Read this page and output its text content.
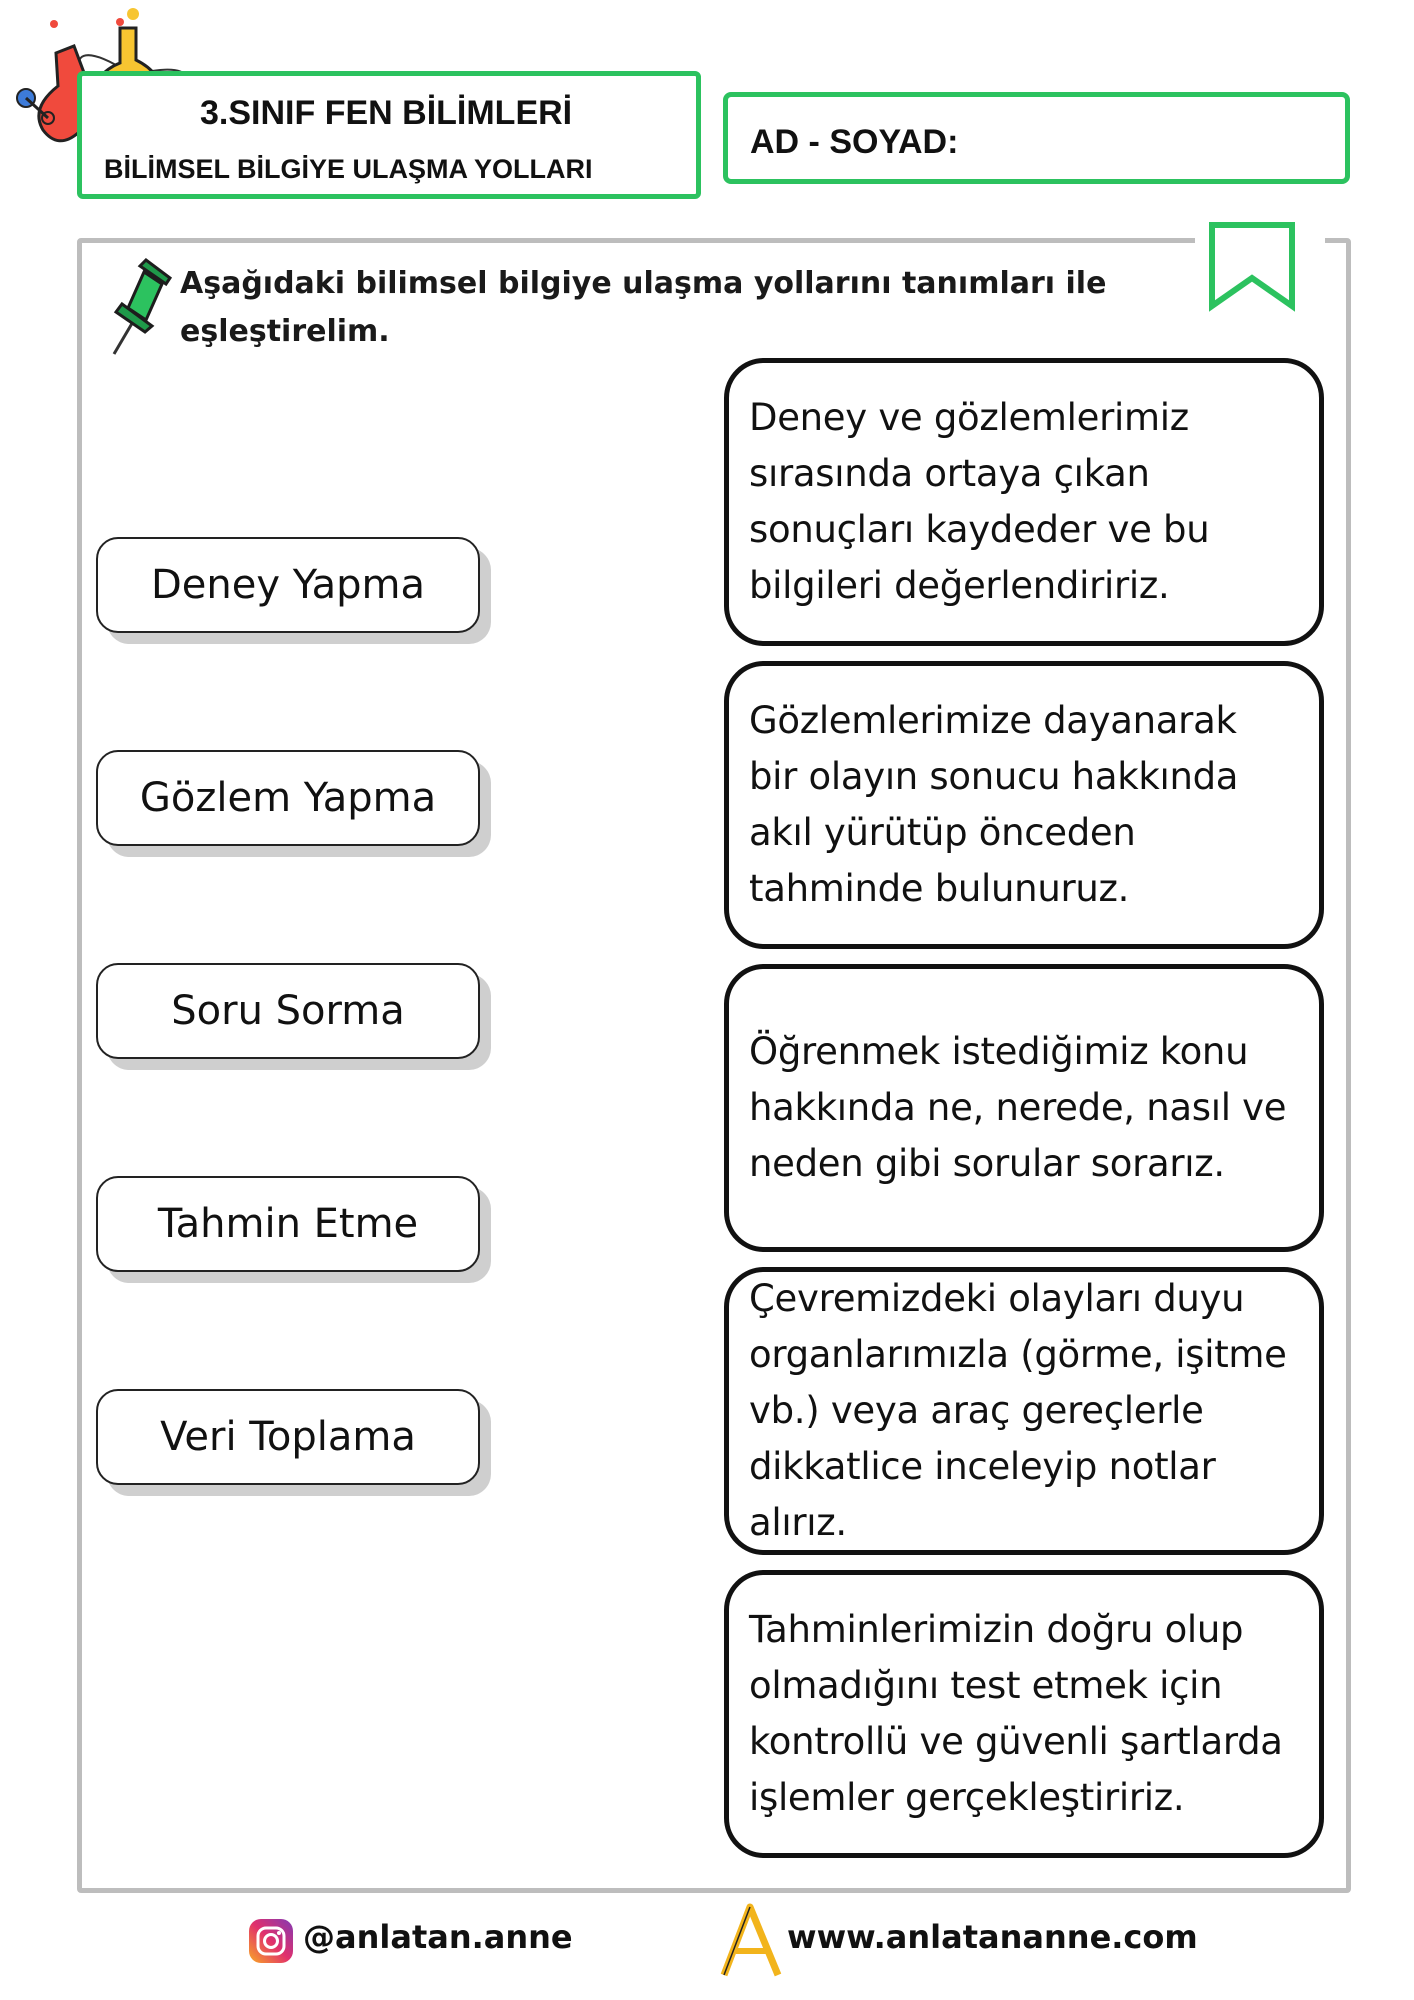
3.SINIF FEN BİLİMLERİ
BİLİMSEL BİLGİYE ULAŞMA YOLLARI
AD - SOYAD:
Aşağıdaki bilimsel bilgiye ulaşma yollarını tanımları ile eşleştirelim.
Deney Yapma
Gözlem Yapma
Soru Sorma
Tahmin Etme
Veri Toplama
Deney ve gözlemlerimiz
sırasında ortaya çıkan
sonuçları kaydeder ve bu
bilgileri değerlendiririz.
Gözlemlerimize dayanarak
bir olayın sonucu hakkında
akıl yürütüp önceden
tahminde bulunuruz.
Öğrenmek istediğimiz konu
hakkında ne, nerede, nasıl ve
neden gibi sorular sorarız.
Çevremizdeki olayları duyu
organlarımızla (görme, işitme
vb.) veya araç gereçlerle
dikkatlice inceleyip notlar
alırız.
Tahminlerimizin doğru olup
olmadığını test etmek için
kontrollü ve güvenli şartlarda
işlemler gerçekleştiririz.
@anlatan.anne	www.anlatananne.com
